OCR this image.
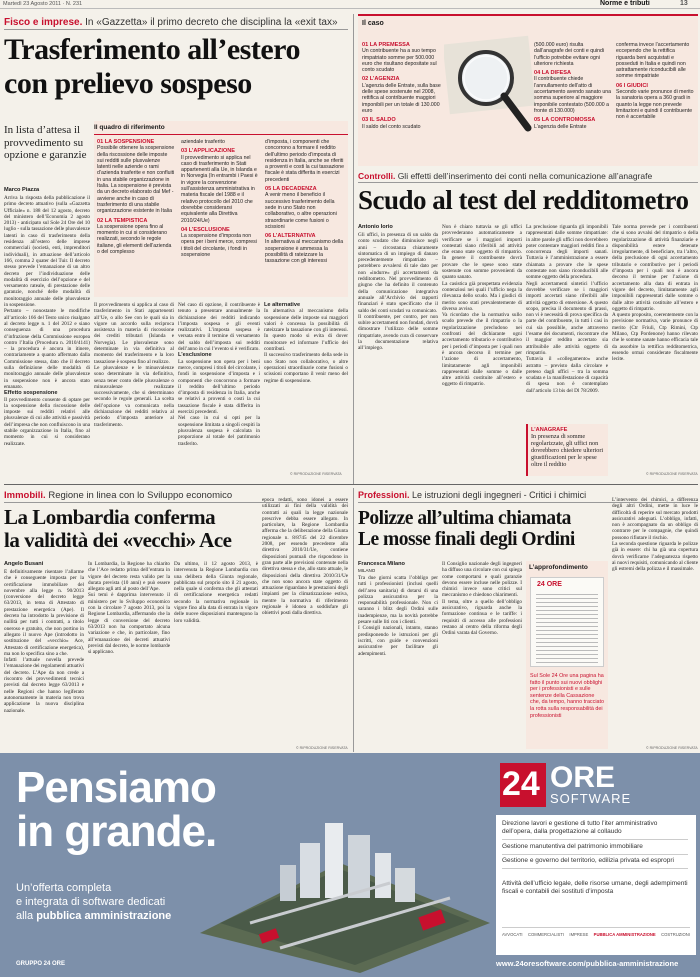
Martedì 23 Agosto 2011 · N. 231	Norme e tributi	13
Fisco e imprese. In «Gazzetta» il primo decreto che disciplina la «exit tax»
Trasferimento all’estero
con prelievo sospeso
In lista d’attesa il provvedimento su opzione e garanzie
Marco Piazza

Arriva la risposta della pubblicazione il primo decreto attuativo (sulla «Gazzetta Ufficiale» n. 188 del 12 agosto, decreto del ministero dell’Economia 2 agosto 2013) - anticipato sul Sole 24 Ore del 10 luglio - sulla tassazione delle plusvalenze latenti in caso di trasferimento della residenza all’estero delle imprese commerciali (società, enti, imprenditori individuali), in attuazione dell’articolo 166, comma 2 quater del Tuir. Il decreto stesso prevede l’emanazione di un altro decreto per l’individuazione delle modalità di esercizio dell’opzione e del versamento rateale, di prestazione delle garanzie, nonché delle modalità di monitoraggio annuale delle plusvalenze in sospensione.

Pertanto – nonostante le modifiche all’articolo 166 del Testo unico risalgano al decreto legge n. 1 del 2012 e siano conseguenza di una procedura d’infrazione della Commissione europea contro l’Italia (Procedura n. 2010/4141) – la procedura è ancora in itinere, contrariamente a quanto affermato dalla Commissione stessa, dato che il decreto sulla definizione delle modalità di monitoraggio annuale delle plusvalenze in sospensione non è ancora stato emanato.

Effetto sospensione

Il provvedimento consente di optare per la sospensione della riscossione delle imposte sui redditi relativi alle plusvalenze di cui alle attività e passività dell’impresa che non confluiscono in una stabile organizzazione in Italia, fino al momento in cui si considerano realizzate.

Il quadro di riferimento

01 LA SOSPENSIONE

Possibile ottenere la sospensione della riscossione delle imposte sui redditi sulle plusvalenze latenti nelle aziende o rami d’azienda trasferite e non confluiti in una stabile organizzazione in Italia. La sospensione è prevista da un decreto elaborato dal Mef - avviene anche in caso di trasferimento di una stabile organizzazione esistente in Italia

02 LA TEMPISTICA

La sospensione opera fino al momento in cui si considerano realizzati, secondo le regole italiane, gli elementi dell’azienda o del complesso

aziendale trasferito

03 L’APPLICAZIONE

Il provvedimento si applica nel caso di trasferimento in Stati appartenenti alla Ue, in Islanda e in Norvegia (In entrambi i Paesi è in vigore la convenzione sull’assistenza amministrativa in materia fiscale del 1988 e il relativo protocollo del 2010 che dovrebbe considerarsi equivalente alla Direttiva 2010/24/Ue)

04 L’ESCLUSIONE

La sospensione d’imposta non opera per i beni merce, compresi i titoli del circolante, i fondi in sospensione

d’imposta, i componenti che concorrono a formare il reddito dell’ultimo periodo d’imposta di residenza in Italia, anche se riferiti a proventi e costi la cui tassazione fiscale è stata differita in esercizi precedenti

05 LA DECADENZA

A venir meno il beneficio il successivo trasferimento della sede in uno Stato non collaborativo, o altre operazioni straordinarie come fusioni o scissioni

06 L’ALTERNATIVA

In alternativa al meccanismo della sospensione è ammessa la possibilità di rateizzare la tassazione con gli interessi

Il provvedimento si applica al caso di trasferimento in Stati appartenenti all’Ue, o allo See con le quali sia in vigore un accordo sulla reciproca assistenza in materia di riscossione dei crediti tributari (Islanda e Norvegia). Le plusvalenze sono determinate in via definitiva al momento del trasferimento e la loro tassazione è sospesa fino al realizzo.

Le plusvalenze e le minusvalenze sono determinate in via definitiva, senza tener conto delle plusvalenze o minusvalenze realizzate successivamente, che si determinano secondo le regole generali. La scelta dell’opzione va comunicata nella dichiarazione dei redditi relativa al periodo d’imposta anteriore al trasferimento.

Nel caso di opzione, il contribuente è tenuto a presentare annualmente la dichiarazione dei redditi indicando l’imposta sospesa e gli eventi realizzativi. L’imposta sospesa è versata entro il termine di versamento del saldo dell’imposta sui redditi dell’anno in cui l’evento si è verificato.

L’esclusione

La sospensione non opera per i beni merce, compresi i titoli del circolante, i fondi in sospensione d’imposta e i componenti che concorrono a formare il reddito dell’ultimo periodo d’imposta di residenza in Italia, anche se relativi a proventi o costi la cui tassazione fiscale è stata differita in esercizi precedenti.

Nel caso in cui si opti per la sospensione limitata a singoli cespiti la plusvalenza sospesa è calcolata in proporzione al totale del patrimonio trasferito.

Le alternative

In alternativa al meccanismo della sospensione delle imposte sui maggiori valori è concessa la possibilità di rateizzare la tassazione con gli interessi. In questo modo si evita di dover monitorare ed informare l’ufficio dei contributi.

Il successivo trasferimento della sede in uno Stato non collaborativo, o altre operazioni straordinarie come fusioni o scissioni comportano il venir meno del regime di sospensione.

© RIPRODUZIONE RISERVATA
Il caso

01 LA PREMESSA

Un contribuente ha a suo tempo rimpatriato somme per 500.000 euro che risultano depositate sul conto scudato

02 L’AGENZIA

L’agenzia delle Entrate, sulla base delle spese sostenute nel 2008, rettifica al contribuente maggiori imponibili per un totale di 130.000 euro

03 IL SALDO

Il saldo del conto scudato

(500.000 euro) risulta dall’anagrafe dei conti e quindi l’ufficio potrebbe evitare ogni ulteriore richiesta

04 LA DIFESA

Il contribuente chiede l’annullamento dell’atto di accertamento avendo sanato una somma superiore al maggiore imponibile contestato (500.000 a fronte di 130.000)

05 LA CONTROMOSSA

L’agenzia delle Entrate

conferma invece l’accertamento eccependo che la rettifica riguarda beni acquistati e posseduti in Italia e quindi non astrattamente riconducibili alle somme rimpatriate

06 I GIUDICI

Secondo varie pronunce di merito la sanatoria opera a 360 gradi in quanto la legge non prevede limitazioni e quindi il contribuente non è accertabile

Controlli. Gli effetti dell’inserimento dei conti nella comunicazione all’anagrafe
Scudo al test del redditometro
Antonio Iorio

Gli uffici, in presenza di un saldo da conto scudato che diminuisce negli anni – circostanza chiaramente sintomatica di un impiego di danaro precedentemente rimpatriato – potrebbero avvalersi di tale dato per non «indurre» gli accertamenti da redditometro. Nel provvedimento di giugno che ha definito il contenuto della comunicazione integrativa annuale all’Archivio dei rapporti finanziari è stato specificato che il saldo dei conti scudati va comunicato.

Il contribuente, per contro, per non subire accertamenti non fondati, dovrà dimostrare l’utilizzo delle somme rimpatriate, avendo cura di conservare la documentazione relativa all’impiego.

Non è chiaro tuttavia se gli uffici provvederanno automaticamente a verificare se i maggiori importi contestati siano riferibili ad attività che erano state oggetto di rimpatrio. In genere il contribuente dovrà provare che le spese sono state sostenute con somme provenienti da quanto sanato.

La casistica già prospettata evidenzia contenziosi nei quali l’ufficio nega la rilevanza dello scudo. Ma i giudici di merito sono stati prevalentemente di diverso avviso.

Va ricordato che la normativa sullo scudo prevede che il rimpatrio o la regolarizzazione precludono nei confronti del dichiarante ogni accertamento tributario e contributivo per i periodi d’imposta per i quali non è ancora decorso il termine per l’azione di accertamento, limitatamente agli imponibili rappresentati dalle somme o dalle altre attività costituite all’estero e oggetto di rimpatrio.

La preclusione riguarda gli imponibili rappresentati dalle somme rimpatriate: in altre parole gli uffici non dovrebbero poter contestare maggiori redditi fino a concorrenza degli importi sanati. Tuttavia è l’amministrazione a essere chiamata a provare che le spese contestate non siano riconducibili alle somme oggetto della procedura.

Negli accertamenti sintetici l’ufficio dovrebbe verificare se i maggiori importi accertati siano riferibili alle attività oggetto di emersione. A questo scopo, precisa il documento di prassi, non vi è necessità di prova specifica da parte del contribuente, in tutti i casi in cui sia possibile, anche attraverso l’esame dei documenti, riscontrare che il maggior reddito accertato sia attribuibile alle attività oggetto di rimpatrio.

Tuttavia il «collegamento» anche astratto – previsto dalla circolare e preteso dagli uffici – tra la somma scudata e la manifestazione di capacità di spesa non è contemplato dall’articolo 13 bis del Dl 78/2009.

L’ANAGRAFE

In presenza di somme regolarizzate, gli uffici non dovrebbero chiedere ulteriori giustificazioni per le spese oltre il reddito

Tale norma prevede per i contribuenti che si sono avvalsi del rimpatrio o della regolarizzazione di attività finanziarie e disponibilità estere detenute irregolarmente, di beneficiare, tra l’altro, della preclusione di ogni accertamento tributario e contributivo per i periodi d’imposta per i quali non è ancora decorso il termine per l’azione di accertamento alla data di entrata in vigore del decreto, limitatamente agli imponibili rappresentati dalle somme o dalle altre attività costituite all’estero e oggetto di rimpatrio.

A questo proposito, coerentemente con la previsione normativa, varie pronunce di merito (Ctr Friuli, Ctp Rimini, Ctp Milano, Ctp Pordenone) hanno rilevato che le somme sanate hanno efficacia tale da assorbire la rettifica redditometrica, essendo ormai considerate fiscalmente lecite.

© RIPRODUZIONE RISERVATA
Immobili. Regione in linea con lo Sviluppo economico
La Lombardia conferma
la validità dei «vecchi» Ace
Angelo Busani

È definitivamente risentare l’allarme che è conseguente imposta per la certificazione immobiliare del novembre alla legge n. 90/2013 (conversione del decreto legge 63/2013, in tema di Attestato di prestazione energetica (Ape). Il decreto ha introdotto la previsione di nullità per tutti i contratti, a titolo oneroso e gratuito, che non portino in allegato il nuovo Ape (introdotto in sostituzione del «vecchio» Ace, Attestato di certificazione energetica), ma non lo specifica sino a che.

Infatti l’attuale novella prevede l’emanazione dei regolamenti attuativi del decreto. L’Ape da non crede a riscontro dei provvedimenti tecnici previsti dal decreto legge 63/2013 e nelle Regioni che hanno legiferato autonomamente in materia non trova applicazione la nuova disciplina nazionale.

In Lombardia, la Regione ha chiarito che l’Ace redatto prima dell’entrata in vigore del decreto resta valido per la durata prevista (10 anni) e può essere allegato agli atti al posto dell’Ape.

Sui temi è dapprima intervenuto il ministero per lo Sviluppo economico con la circolare 7 agosto 2013, poi la Regione Lombardia, affermando che la legge di conversione del decreto 63/2013 non ha comportato alcuna variazione e che, in particolare, fino all’emanazione dei decreti attuativi previsti dal decreto, le norme lombarde si applicano.

Da ultimo, il 12 agosto 2013, è intervenuta la Regione Lombardia con una delibera della Giunta regionale, pubblicata sul proprio sito il 21 agosto, nella quale si conferma che gli attestati di certificazione energetica redatti secondo la normativa regionale in vigore fino alla data di entrata in vigore delle nuove disposizioni mantengono la loro validità.

epoca redatti, sono idonei a essere utilizzati ai fini della validità dei contratti ai quali la legge nazionale prescrive debba essere allegato. In particolare, la Regione Lombardia afferma che la deliberazione della Giunta regionale n. 8/8745 del 22 dicembre 2008, per essendo precedente alla direttiva 2010/31/Ue, contiene disposizioni puntuali che rispondono in gran parte alle previsioni contenute nella direttiva stessa e che, allo stato attuale, le disposizioni della direttiva 2010/31/Ue che non sono ancora state oggetto di attuazione riguardano le prestazioni degli impianti per la climatizzazione estiva, mentre la normativa di riferimento regionale è idonea a soddisfare gli obiettivi posti dalla direttiva.

© RIPRODUZIONE RISERVATA
Professioni. Le istruzioni degli ingegneri - Critici i chimici
Polizze all’ultima chiamata
Le mosse finali degli Ordini
Francesca Milano
MILANO

Tra due giorni scatta l’obbligo per tutti i professionisti (inclusi quelli dell’area sanitaria) di dotarsi di una polizza assicurativa per la responsabilità professionale. Non ci saranno i blitz degli Ordini sulle inadempienze, ma la novità potrebbe pesare sulle liti con i clienti.

I Consigli nazionali, intanto, stanno predisponendo le istruzioni per gli iscritti, con guide e convenzioni assicurative per facilitare gli adempimenti.

Il Consiglio nazionale degli ingegneri ha diffuso una circolare con cui spiega come comportarsi e quali garanzie devono essere incluse nelle polizze. I chimici invece sono critici sul meccanismo e chiedono chiarimenti.

Il tema, oltre a quello dell’obbligo assicurativo, riguarda anche la formazione continua e le tariffe: i requisiti di accesso alle professioni restano al centro della riforma degli Ordini varata dal Governo.

L’approfondimento
24 ORE
Sul Sole 24 Ore una pagina ha fatto il punto sui nuovi obblighi per i professionisti e sulle sentenze della Cassazione che, da tempo, hanno tracciato la rotta sulla responsabilità dei professionisti

L’intervento dei chimici, a differenza degli altri Ordini, mette in luce le difficoltà di reperire sul mercato prodotti assicurativi adeguati. L’obbligo, infatti, non è accompagnato da un obbligo di contrarre per le compagnie, che quindi possono rifiutare il rischio.

La seconda questione riguarda le polizze già in essere: chi ha già una copertura dovrà verificarne l’adeguatezza rispetto ai nuovi requisiti, comunicando al cliente gli estremi della polizza e il massimale.

© RIPRODUZIONE RISERVATA
Pensiamo
in grande.
Un’offerta completa
e integrata di software dedicati
alla pubblica amministrazione
GRUPPO 24 ORE
24 ORE
SOFTWARE
Direzione lavori e gestione di tutto l’iter amministrativo dell’opera, dalla progettazione al collaudo
Gestione manutentiva del patrimonio immobiliare
Gestione e governo del territorio, edilizia privata ed espropri
Attività dell’ufficio legale, delle risorse umane, degli adempimenti fiscali e contabili dei sostituti d’imposta
AVVOCATI COMMERCIALISTI IMPRESE PUBBLICA AMMINISTRAZIONE COSTRUZIONI
www.24oresoftware.com/pubblica-amministrazione
